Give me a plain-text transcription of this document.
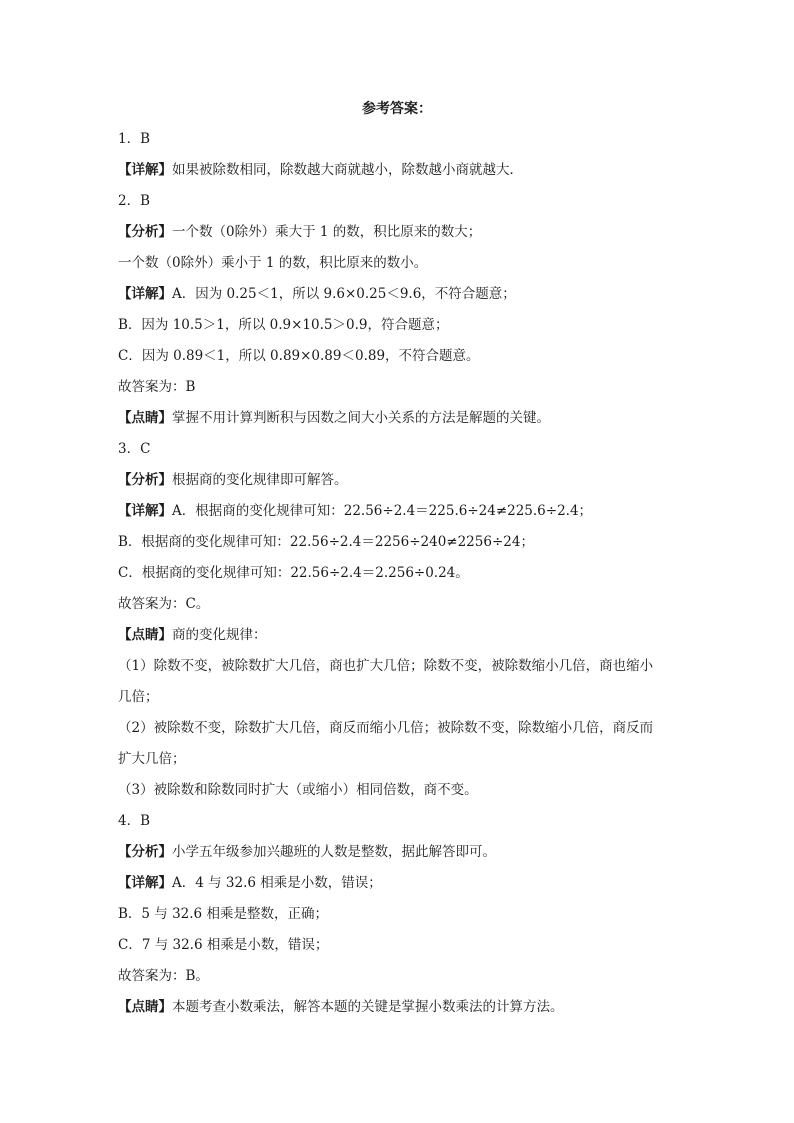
参考答案：
1．B
【详解】如果被除数相同，除数越大商就越小，除数越小商就越大．
2．B
【分析】一个数（0除外）乘大于 1 的数，积比原来的数大；
一个数（0除外）乘小于 1 的数，积比原来的数小。
【详解】A．因为 0.25＜1，所以 9.6×0.25＜9.6，不符合题意；
B．因为 10.5＞1，所以 0.9×10.5＞0.9，符合题意；
C．因为 0.89＜1，所以 0.89×0.89＜0.89，不符合题意。
故答案为：B
【点睛】掌握不用计算判断积与因数之间大小关系的方法是解题的关键。
3．C
【分析】根据商的变化规律即可解答。
【详解】A．根据商的变化规律可知：22.56÷2.4＝225.6÷24≠225.6÷2.4；
B．根据商的变化规律可知：22.56÷2.4＝2256÷240≠2256÷24；
C．根据商的变化规律可知：22.56÷2.4＝2.256÷0.24。
故答案为：C。
【点睛】商的变化规律：
（1）除数不变，被除数扩大几倍，商也扩大几倍；除数不变，被除数缩小几倍，商也缩小
几倍；
（2）被除数不变，除数扩大几倍，商反而缩小几倍；被除数不变，除数缩小几倍，商反而
扩大几倍；
（3）被除数和除数同时扩大（或缩小）相同倍数，商不变。
4．B
【分析】小学五年级参加兴趣班的人数是整数，据此解答即可。
【详解】A．4 与 32.6 相乘是小数，错误；
B．5 与 32.6 相乘是整数，正确；
C．7 与 32.6 相乘是小数，错误；
故答案为：B。
【点睛】本题考查小数乘法，解答本题的关键是掌握小数乘法的计算方法。
